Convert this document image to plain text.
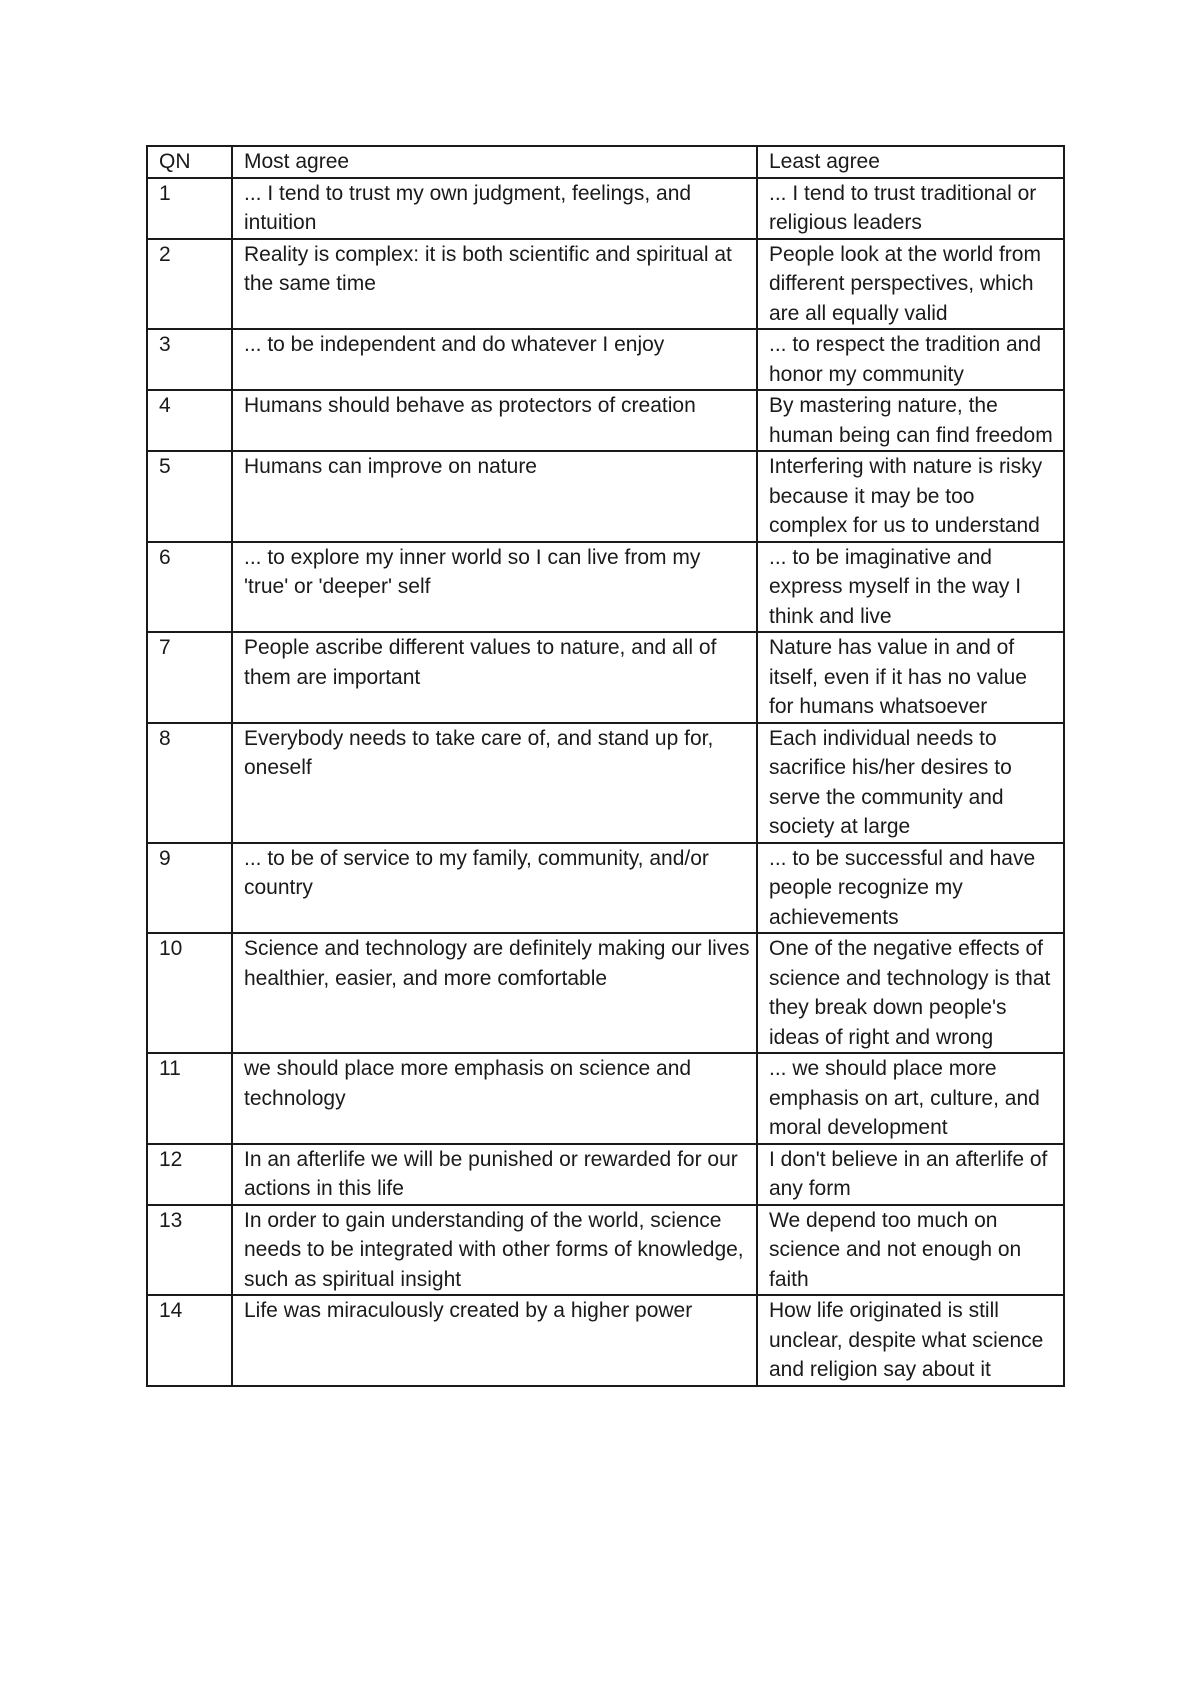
QN	Most agree	Least agree
1	... I tend to trust my own judgment, feelings, and intuition	... I tend to trust traditional or religious leaders
2	Reality is complex: it is both scientific and spiritual at the same time	People look at the world from different perspectives, which are all equally valid
3	... to be independent and do whatever I enjoy	... to respect the tradition and honor my community
4	Humans should behave as protectors of creation	By mastering nature, the human being can find freedom
5	Humans can improve on nature	Interfering with nature is risky because it may be too complex for us to understand
6	... to explore my inner world so I can live from my 'true' or 'deeper' self	... to be imaginative and express myself in the way I think and live
7	People ascribe different values to nature, and all of them are important	Nature has value in and of itself, even if it has no value for humans whatsoever
8	Everybody needs to take care of, and stand up for, oneself	Each individual needs to sacrifice his/her desires to serve the community and society at large
9	... to be of service to my family, community, and/or country	... to be successful and have people recognize my achievements
10	Science and technology are definitely making our lives healthier, easier, and more comfortable	One of the negative effects of science and technology is that they break down people's ideas of right and wrong
11	we should place more emphasis on science and technology	... we should place more emphasis on art, culture, and moral development
12	In an afterlife we will be punished or rewarded for our actions in this life	I don't believe in an afterlife of any form
13	In order to gain understanding of the world, science needs to be integrated with other forms of knowledge, such as spiritual insight	We depend too much on science and not enough on faith
14	Life was miraculously created by a higher power	How life originated is still unclear, despite what science and religion say about it
